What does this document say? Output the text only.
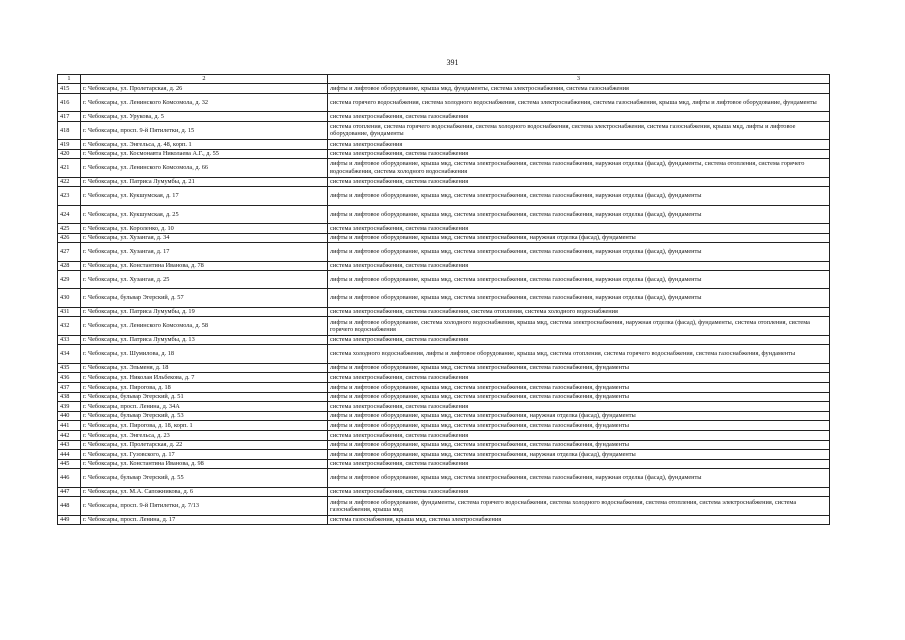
391
1	2	3
415	г. Чебоксары, ул. Пролетарская, д. 26	лифты и лифтовое оборудование, крыша мкд, фундаменты, система электроснабжения, система газоснабжения
416	г. Чебоксары, ул. Ленинского Комсомола, д. 32	система горячего водоснабжения, система холодного водоснабжения, система электроснабжения, система газоснабжения, крыша мкд, лифты и лифтовое оборудование, фундаменты
417	г. Чебоксары, ул. Урукова, д. 5	система электроснабжения, система газоснабжения
418	г. Чебоксары, просп. 9-й Пятилетки, д. 15	система отопления, система горячего водоснабжения, система холодного водоснабжения, система электроснабжения, система газоснабжения, крыша мкд, лифты и лифтовое оборудование, фундаменты
419	г. Чебоксары, ул. Энгельса, д. 48, корп. 1	система электроснабжения
420	г. Чебоксары, ул. Космонавта Николаева А.Г., д. 55	система электроснабжения, система газоснабжения
421	г. Чебоксары, ул. Ленинского Комсомола, д. 66	лифты и лифтовое оборудование, крыша мкд, система электроснабжения, система газоснабжения, наружная отделка (фасад), фундаменты, система отопления, система горячего водоснабжения, система холодного водоснабжения
422	г. Чебоксары, ул. Патриса Лумумбы, д. 21	система электроснабжения, система газоснабжения
423	г. Чебоксары, ул. Кукшумская, д. 17	лифты и лифтовое оборудование, крыша мкд, система электроснабжения, система газоснабжения, наружная отделка (фасад), фундаменты
424	г. Чебоксары, ул. Кукшумская, д. 25	лифты и лифтовое оборудование, крыша мкд, система электроснабжения, система газоснабжения, наружная отделка (фасад), фундаменты
425	г. Чебоксары, ул. Короленко, д. 10	система электроснабжения, система газоснабжения
426	г. Чебоксары, ул. Хузангая, д. 34	лифты и лифтовое оборудование, крыша мкд, система электроснабжения, наружная отделка (фасад), фундаменты
427	г. Чебоксары, ул. Хузангая, д. 17	лифты и лифтовое оборудование, крыша мкд, система электроснабжения, система газоснабжения, наружная отделка (фасад), фундаменты
428	г. Чебоксары, ул. Константина Иванова, д. 78	система электроснабжения, система газоснабжения
429	г. Чебоксары, ул. Хузангая, д. 25	лифты и лифтовое оборудование, крыша мкд, система электроснабжения, система газоснабжения, наружная отделка (фасад), фундаменты
430	г. Чебоксары, бульвар Эгерский, д. 57	лифты и лифтовое оборудование, крыша мкд, система электроснабжения, система газоснабжения, наружная отделка (фасад), фундаменты
431	г. Чебоксары, ул. Патриса Лумумбы, д. 19	система электроснабжения, система газоснабжения, система отопления, система холодного водоснабжения
432	г. Чебоксары, ул. Ленинского Комсомола, д. 58	лифты и лифтовое оборудование, система холодного водоснабжения, крыша мкд, система электроснабжения, наружная отделка (фасад), фундаменты, система отопления, система горячего водоснабжения
433	г. Чебоксары, ул. Патриса Лумумбы, д. 13	система электроснабжения, система газоснабжения
434	г. Чебоксары, ул. Шумилова, д. 18	система холодного водоснабжения, лифты и лифтовое оборудование, крыша мкд, система отопления, система горячего водоснабжения, система газоснабжения, фундаменты
435	г. Чебоксары, ул. Эльменя, д. 18	лифты и лифтовое оборудование, крыша мкд, система электроснабжения, система газоснабжения, фундаменты
436	г. Чебоксары, ул. Николая Ильбекова, д. 7	система электроснабжения, система газоснабжения
437	г. Чебоксары, ул. Пирогова, д. 18	лифты и лифтовое оборудование, крыша мкд, система электроснабжения, система газоснабжения, фундаменты
438	г. Чебоксары, бульвар Эгерский, д. 51	лифты и лифтовое оборудование, крыша мкд, система электроснабжения, система газоснабжения, фундаменты
439	г. Чебоксары, просп. Ленина, д. 34А	система электроснабжения, система газоснабжения
440	г. Чебоксары, бульвар Эгерский, д. 53	лифты и лифтовое оборудование, крыша мкд, система электроснабжения, наружная отделка (фасад), фундаменты
441	г. Чебоксары, ул. Пирогова, д. 18, корп. 1	лифты и лифтовое оборудование, крыша мкд, система электроснабжения, система газоснабжения, фундаменты
442	г. Чебоксары, ул. Энгельса, д. 23	система электроснабжения, система газоснабжения
443	г. Чебоксары, ул. Пролетарская, д. 22	лифты и лифтовое оборудование, крыша мкд, система электроснабжения, система газоснабжения, фундаменты
444	г. Чебоксары, ул. Гузовского, д. 17	лифты и лифтовое оборудование, крыша мкд, система электроснабжения, наружная отделка (фасад), фундаменты
445	г. Чебоксары, ул. Константина Иванова, д. 98	система электроснабжения, система газоснабжения
446	г. Чебоксары, бульвар Эгерский, д. 55	лифты и лифтовое оборудование, крыша мкд, система электроснабжения, система газоснабжения, наружная отделка (фасад), фундаменты
447	г. Чебоксары, ул. М.А. Сапожникова, д. 6	система электроснабжения, система газоснабжения
448	г. Чебоксары, просп. 9-й Пятилетки, д. 7/13	лифты и лифтовое оборудование, фундаменты, система горячего водоснабжения, система холодного водоснабжения, система отопления, система электроснабжения, система газоснабжения, крыша мкд
449	г. Чебоксары, просп. Ленина, д. 17	система газоснабжения, крыша мкд, система электроснабжения
